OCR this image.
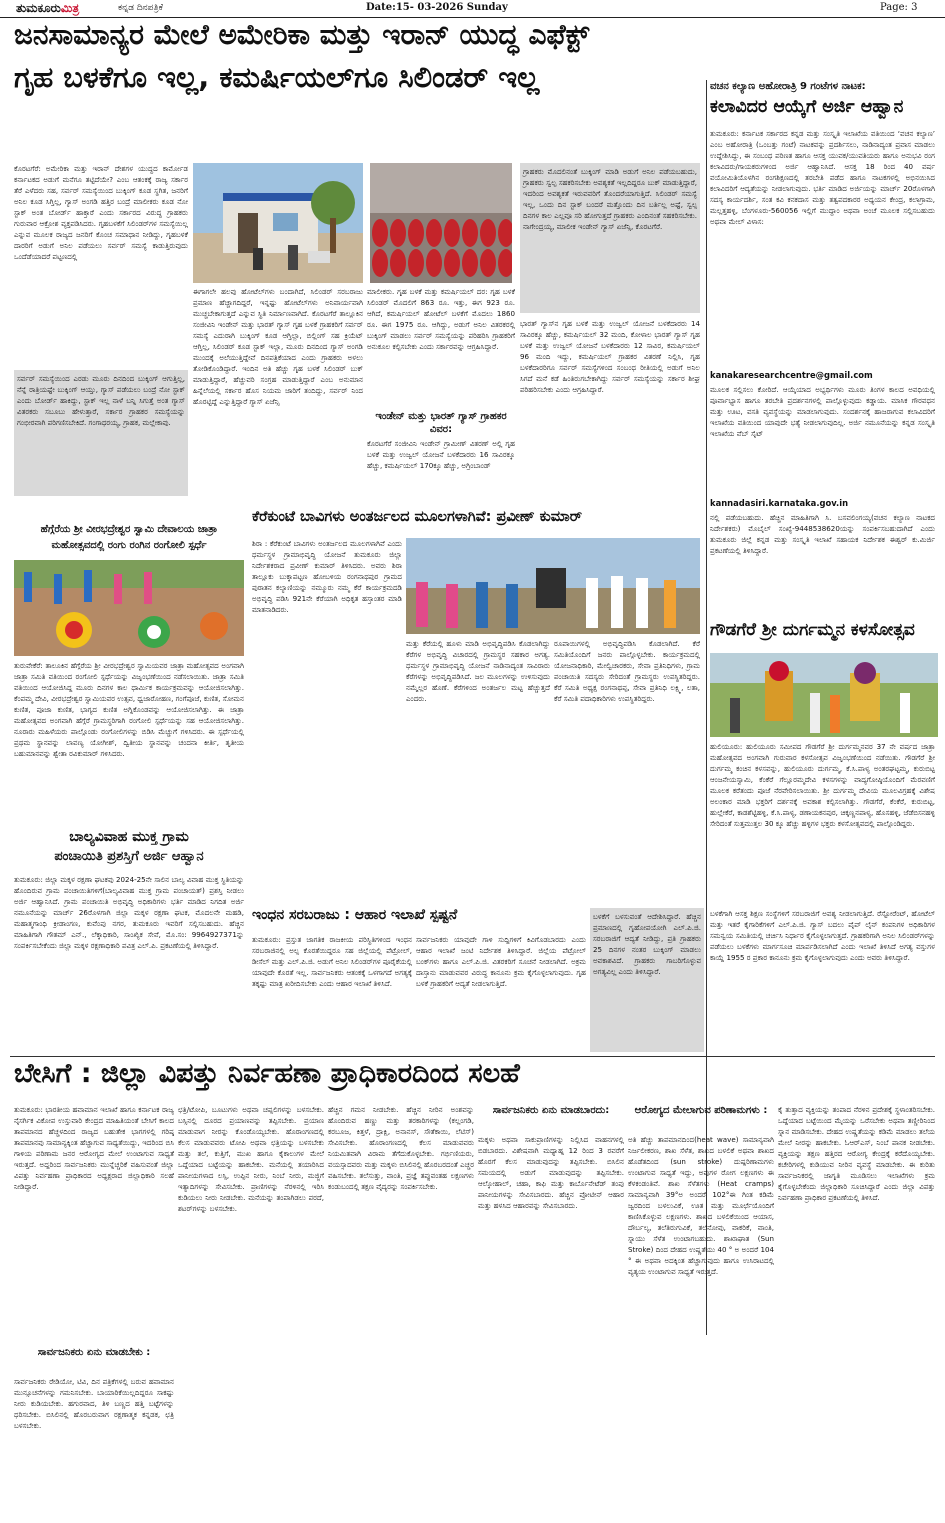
ತುಮಕೂರುಮಿತ್ರ	ಕನ್ನಡ ದಿನಪತ್ರಿಕೆ	Date:15- 03-2026 Sunday	Page: 3
ಜನಸಾಮಾನ್ಯರ ಮೇಲೆ ಅಮೇರಿಕಾ ಮತ್ತು ಇರಾನ್ ಯುದ್ಧ ಎಫೆಕ್ಟ್
ಗೃಹ ಬಳಕೆಗೂ ಇಲ್ಲ, ಕಮರ್ಷಿಯಲ್‌ಗೂ ಸಿಲಿಂಡರ್ ಇಲ್ಲ
ಕೊರಟಗೆರೆ: ಅಮೇರಿಕಾ ಮತ್ತು ಇರಾನ್ ದೇಶಗಳ ಯುದ್ಧದ ಕಾರ್ಮೋಡ ಕರ್ನಾಟಕದ ಅಡುಗೆ ಮನೆಗೂ ತಟ್ಟಿದೆಯೇ? ಎಂಬ ಆತಂಕಕ್ಕೆ ರಾಜ್ಯ ಸರ್ಕಾರ ತೆರೆ ಎಳೆದರು ಸಹ, ಸರ್ವರ್ ಸಮಸ್ಯೆಯಿಂದ ಬುಕ್ಕಿಂಗ್ ಕೂಡ ಸ್ಥಗಿತ, ಜನರಿಗೆ ಅನಿಲ ಕೂಡ ಸಿಗ್ತಿಲ್ಲ, ಗ್ಯಾಸ್ ಅಂಗಡಿ ಹತ್ತಿರ ಬಂದ್ರೆ ಮಾಲೀಕರು ಕೂಡ ನೋ ಸ್ಟಾಕ್ ಅಂತ ಬೋರ್ಡ್ ಹಾಕ್ತಾರೆ ಎಂದು ಸರ್ಕಾರದ ವಿರುದ್ಧ ಗ್ರಾಹಕರು ಗುರುವಾರ ಆಕ್ರೋಶ ವ್ಯಕ್ತಪಡಿಸಿದರು. ಗೃಹಬಳಕೆಗೆ ಸಿಲಿಂಡರ್‌ಗಳ ಸಮಸ್ಯೆಯಿಲ್ಲ ಎನ್ನುವ ಮೂಲಕ ರಾಜ್ಯದ ಜನರಿಗೆ ಕೊಂಚ ಸಮಾಧಾನ ನೀಡಿದ್ದು, ಗೃಹಬಳಕೆ ದಾರರಿಗೆ ಅಡುಗೆ ಅನಿಲ ಪಡೆಯಲು ಸರ್ವರ್ ಸಮಸ್ಯೆ ಕಾಡುತ್ತಿರುವುದು ಒಂದೆಡೆಯಾದರೆ ಪಟ್ಟಣದಲ್ಲಿ
ಸರ್ವರ್ ಸಮಸ್ಯೆಯಿಂದ ಎರಡು ಮೂರು ದಿನದಿಂದ ಬುಕ್ಕಿಂಗ್ ಆಗುತ್ತಿಲ್ಲ, ನೆನ್ನೆ ರಾತ್ರಿಯಷ್ಟೇ ಬುಕ್ಕಿಂಗ್ ಆಯ್ತು, ಗ್ಯಾಸ್ ಪಡೆಯಲು ಬಂದ್ರೆ ನೋ ಸ್ಟಾಕ್ ಎಂದು ಬೋರ್ಡ್ ಹಾಕಿದ್ದು, ಸ್ಟಾಕ್ ಇಲ್ಲ ನಾಳೆ ಬನ್ನಿ ಸಿಗುತ್ತೆ ಅಂತ ಗ್ಯಾಸ್ ವಿತರಕರು ಸಬೂಬು ಹೇಳುತ್ತಾರೆ, ಸರ್ಕಾರ ಗ್ರಾಹಕರ ಸಮಸ್ಯೆಯನ್ನು ಗಂಭೀರವಾಗಿ ಪರಿಗಣಿಸಬೇಕಿದೆ. ಗಂಗಾಧರಯ್ಯ, ಗ್ರಾಹಕ, ಮಲ್ಲೇಕಾವು.
ಈಗಾಗಲೇ ಹಲವು ಹೋಟೆಲ್‌ಗಳು ಬಂದಾಗಿದೆ, ಸಿಲಿಂಡರ್ ಸರಬರಾಜು ಪ್ರಮಾಣ ಹೆಚ್ಚಾಗದಿದ್ದರೆ, ಇನ್ನಷ್ಟು ಹೋಟೆಲ್‌ಗಳು ಅನಿವಾರ್ಯವಾಗಿ ಮುಚ್ಚಬೇಕಾಗುತ್ತದೆ ಎನ್ನುವ ಸ್ಥಿತಿ ನಿರ್ಮಾಣವಾಗಿದೆ. ಕೊರಟಗೆರೆ ತಾಲ್ಲೂಕಿನ ಸಂಜೀವಿನಿ ಇಂಡೇನ್ ಮತ್ತು ಭಾರತ್ ಗ್ಯಾಸ್ ಗೃಹ ಬಳಕೆ ಗ್ರಾಹಕರಿಗೆ ಸರ್ವರ್ ಸಮಸ್ಯೆ ಎದುರಾಗಿ ಬುಕ್ಕಿಂಗ್ ಕೂಡ ಆಗ್ತಿಲ್ಲಾ, ಬಿಲ್ಲಿಂಗ್ ಸಹ ಕ್ರಿಯೆಟ್ ಆಗ್ತಿಲ್ಲ, ಸಿಲಿಂಡರ್ ಕೂಡ ಸ್ಟಾಕ್ ಇಲ್ಲಾ, ಮೂರು ದಿನದಿಂದ ಗ್ಯಾಸ್ ಅಂಗಡಿ ಮುಂದಕ್ಕೆ ಅಲೆಯುತ್ತಿದ್ದೇವೆ ದಿನಪತ್ರಿಕೆಯಾದ ಎಂದು ಗ್ರಾಹಕರು ಅಳಲು ತೋಡಿಕೊಂಡಿದ್ದಾರೆ. ಇಂದಿನ ಅತಿ ಹೆಚ್ಚು ಗೃಹ ಬಳಕೆ ಸಿಲಿಂಡರ್ ಬುಕ್ ಮಾಡುತ್ತಿದ್ದಾರೆ, ಹೆಚ್ಚುವರಿ ಸಂಗ್ರಹ ಮಾಡುತ್ತಿದ್ದಾರೆ ಎಂಬ ಅನುಮಾನ ಹಿನ್ನೆಲೆಯಲ್ಲಿ ಸರ್ಕಾರ ಹೊಸ ನಿಯಮ ಜಾರಿಗೆ ತಂದಿದ್ದು, ಸರ್ವರ್ ನಿಂದ ಹೊರಟ್ಟಿದ್ದೆ ಎನ್ನುತ್ತಿದ್ದಾರೆ ಗ್ಯಾಸ್ ಏಜೆನ್ಸಿ
ಮಾಲೀಕರು. ಗೃಹ ಬಳಕೆ ಮತ್ತು ಕಮರ್ಷಿಯಲ್ ದರ: ಗೃಹ ಬಳಕೆ ಸಿಲಿಂಡರ್ ಮೊದಲಿಗೆ 863 ರೂ. ಇತ್ತು, ಈಗ 923 ರೂ. ಆಗಿದೆ, ಕಮರ್ಷಿಯಲ್ ಹೋಟೆಲ್ ಬಳಕೆಗೆ ಮೊದಲು 1860 ರೂ. ಈಗ 1975 ರೂ. ಆಗಿದ್ದು, ಅಡುಗೆ ಅನಿಲ ವಿತರಕರಲ್ಲಿ ಬುಕ್ಕಿಂಗ್ ಮಾಡಲು ಸರ್ವರ್ ಸಮಸ್ಯೆಯನ್ನು ಪರಿಹರಿಸಿ ಗ್ರಾಹಕರಿಗೆ ಅನುಕೂಲ ಕಲ್ಪಿಸಬೇಕು ಎಂದು ಸರ್ಕಾರವನ್ನು ಆಗ್ರಹಿಸಿದ್ದಾರೆ.
ಇಂಡೇನ್ ಮತ್ತು ಭಾರತ್ ಗ್ಯಾಸ್ ಗ್ರಾಹಕರ ವಿವರ:
ಕೊರಟಗೆರೆ ಸಂಜೀವಿನಿ ಇಂಡೇನ್ ಗ್ರಾಮೀಣ್ ವಿತರಣ್ ಅಲ್ಲಿ ಗೃಹ ಬಳಕೆ ಮತ್ತು ಉಜ್ವಲ್ ಯೋಜನೆ ಬಳಕೆದಾರರು 16 ಸಾವಿರಕ್ಕೂ ಹೆಚ್ಚು, ಕಮರ್ಷಿಯಲ್ 170ಕ್ಕೂ ಹೆಚ್ಚು, ಅಗ್ರಿಂಬಾಂಡ್
ಗ್ರಾಹಕರು ಮೊದಲಿನಂತೆ ಬುಕ್ಕಿಂಗ್ ಮಾಡಿ ಅಡುಗೆ ಅನಿಲ ಪಡೆಯಬಹುದು, ಗ್ರಾಹಕರು ಸ್ವಲ್ಪ ಸಹಕರಿಸಬೇಕು ಅವಶ್ಯಕತೆ ಇಲ್ಲದಿದ್ದರೂ ಬುಕ್ ಮಾಡುತ್ತಿದ್ದಾರೆ, ಇದರಿಂದ ಅವಶ್ಯಕತೆ ಇರುವವರಿಗೆ ತೊಂದರೆಯಾಗುತ್ತಿದೆ. ಸಿಲಿಂಡರ್ ಸಮಸ್ಯೆ ಇಲ್ಲ, ಒಂದು ದಿನ ಸ್ಟಾಕ್ ಬಂದರೆ ಮತ್ತೊಂದು ದಿನ ಬರ್ತಿಲ್ಲ ಅಷ್ಟೆ, ಸ್ವಲ್ಪ ದಿನಗಳ ಕಾಲ ಎಲ್ಲವೂ ಸರಿ ಹೋಗುತ್ತದೆ ಗ್ರಾಹಕರು ಎಂದಿನಂತೆ ಸಹಕರಿಸಬೇಕು. ನಾಗೇಂದ್ರಯ್ಯ, ಮಾಲೀಕ ಇಂಡೇನ್ ಗ್ಯಾಸ್ ಏಜೆನ್ಸಿ, ಕೊರಟಗೆರೆ.
ಭಾರತ್ ಗ್ಯಾಸ್‌ನ ಗೃಹ ಬಳಕೆ ಮತ್ತು ಉಜ್ವಲ್ ಯೋಜನೆ ಬಳಕೆದಾರರು 14 ಸಾವಿರಕ್ಕೂ ಹೆಚ್ಚು, ಕಮರ್ಷಿಯಲ್ 32 ಮಂದಿ, ಕೋಳಾಲ ಭಾರತ್ ಗ್ಯಾಸ್ ಗೃಹ ಬಳಕೆ ಮತ್ತು ಉಜ್ವಲ್ ಯೋಜನೆ ಬಳಕೆದಾರರು 12 ಸಾವಿರ, ಕಮರ್ಷಿಯಲ್ 96 ಮಂದಿ ಇದ್ದು, ಕಮರ್ಷಿಯಲ್ ಗ್ರಾಹಕರ ವಿತರಣೆ ನಿಲ್ಲಿಸಿ, ಗೃಹ ಬಳಕೆದಾರರಿಗೂ ಸರ್ವರ್ ಸಮಸ್ಯೆಗಳಿಂದ ಸಂಬಂಧ ರೀತಿಯಲ್ಲಿ ಅಡುಗೆ ಅನಿಲ ಸಿಗದೆ ಮನೆ ಕಡೆ ಹಿಂತಿರುಗಬೇಕಾಗಿದ್ದು ಸರ್ವರ್ ಸಮಸ್ಯೆಯನ್ನು ಸರ್ಕಾರ ಶೀಘ್ರ ಪರಿಹರಿಸಬೇಕು ಎಂದು ಆಗ್ರಹಿಸಿದ್ದಾರೆ.
ವಚನ ಕಲ್ಯಾಣ ಅಹೋರಾತ್ರಿ 9 ಗಂಟೆಗಳ ನಾಟಕ:
ಕಲಾವಿದರ ಆಯ್ಕೆಗೆ ಅರ್ಜಿ ಆಹ್ವಾನ
ತುಮಕೂರು: ಕರ್ನಾಟಕ ಸರ್ಕಾರದ ಕನ್ನಡ ಮತ್ತು ಸಂಸ್ಕೃತಿ ಇಲಾಖೆಯ ವತಿಯಿಂದ ‘ವಚನ ಕಲ್ಯಾಣ’ ಎಂಬ ಅಹೋರಾತ್ರಿ (ಒಂಬತ್ತು ಗಂಟೆ) ನಾಟಕವನ್ನು ಪ್ರದರ್ಶಿಸಲು, ನಾಡಿನಾದ್ಯಂತ ಪ್ರವಾಸ ಮಾಡಲು ಉದ್ದೇಶಿಸಿದ್ದು, ಈ ಸಂಬಂಧ ಪರಿಣತ ಹಾಗೂ ಆಸಕ್ತ ಯುವಕ/ಯುವತಿಯರು ಹಾಗೂ ಅನುಭವಿ ರಂಗ ಕಲಾವಿದರು/ಗಾಯಕರುಗಳಿಂದ ಅರ್ಜಿ ಆಹ್ವಾನಿಸಿದೆ. ಆಸಕ್ತ 18 ರಿಂದ 40 ವರ್ಷ ವಯೋಮಿತಿಯೊಳಗಿನ ರಂಗಶಿಕ್ಷಣದಲ್ಲಿ ತರಬೇತಿ ಪಡೆದ ಹಾಗೂ ನಾಟಕಗಳಲ್ಲಿ ಅಭಿನಯಿಸಿದ ಕಲಾವಿದರಿಗೆ ಆದ್ಯತೆಯನ್ನು ನೀಡಲಾಗುವುದು. ಭರ್ತಿ ಮಾಡಿದ ಅರ್ಜಿಯನ್ನು ಮಾರ್ಚ್ 20ರೊಳಗಾಗಿ ಸದಸ್ಯ ಕಾರ್ಯದರ್ಶಿ, ಸಂತ ಕವಿ ಕನಕದಾಸ ಮತ್ತು ತತ್ವಪದಕಾರರ ಅಧ್ಯಯನ ಕೇಂದ್ರ, ಕಲಾಗ್ರಾಮ, ಮಲ್ಲತ್ತಹಳ್ಳಿ, ಬೆಂಗಳೂರು-560056 ಇಲ್ಲಿಗೆ ಮುದ್ದಾಂ ಅಥವಾ ಅಂಚೆ ಮೂಲಕ ಸಲ್ಲಿಸಬಹುದು ಅಥವಾ ಮೇಲ್ ವಿಳಾಸ:
kanakaresearchcentre@gmail.com
ಮೂಲಕ ಸಲ್ಲಿಸಲು ಕೋರಿದೆ. ಆಯ್ಕೆಯಾದ ಅಭ್ಯರ್ಥಿಗಳು ಮೂರು ತಿಂಗಳ ಕಾಲದ ಅವಧಿಯಲ್ಲಿ ಪೂರ್ವಾಭ್ಯಾಸ ಹಾಗೂ ತರಬೇತಿ ಪ್ರದರ್ಶನಗಳಲ್ಲಿ ಪಾಲ್ಗೊಳ್ಳುವುದು ಕಡ್ಡಾಯ. ಮಾಸಿಕ ಗೌರವಧನ ಮತ್ತು ಊಟ, ವಸತಿ ವ್ಯವಸ್ಥೆಯನ್ನು ಮಾಡಲಾಗುವುದು. ಸಂದರ್ಶನಕ್ಕೆ ಹಾಜರಾಗುವ ಕಲಾವಿದರಿಗೆ ಇಲಾಖೆಯ ವತಿಯಿಂದ ಯಾವುದೇ ಭತ್ಯೆ ನೀಡಲಾಗುವುದಿಲ್ಲ. ಅರ್ಜಿ ನಮೂನೆಯನ್ನು ಕನ್ನಡ ಸಂಸ್ಕೃತಿ ಇಲಾಖೆಯ ವೆಬ್ ಸೈಟ್
kannadasiri.karnataka.gov.in
ನಲ್ಲಿ ಪಡೆಯಬಹುದು. ಹೆಚ್ಚಿನ ಮಾಹಿತಿಗಾಗಿ ಸಿ. ಬಸವಲಿಂಗಯ್ಯ(ವಚನ ಕಲ್ಯಾಣ ನಾಟಕದ ನಿರ್ದೇಶಕರು) ಮೊಬೈಲ್ ಸಂಖ್ಯೆ-9448538620ಯನ್ನು ಸಂಪರ್ಕಿಸಬಹುದಾಗಿದೆ ಎಂದು ತುಮಕೂರು ಜಿಲ್ಲೆ ಕನ್ನಡ ಮತ್ತು ಸಂಸ್ಕೃತಿ ಇಲಾಖೆ ಸಹಾಯಕ ನಿರ್ದೇಶಕ ಈಶ್ವರ್ ಕು.ಮಿರ್ಜಿ ಪ್ರಕಟಣೆಯಲ್ಲಿ ತಿಳಿಸಿದ್ದಾರೆ.
ಗೌಡಗೆರೆ ಶ್ರೀ ದುರ್ಗಮ್ಮನ ಕಳಸೋತ್ಸವ
ಹುಲಿಯೂರು: ಹುಲಿಯೂರು ಸಮೀಪದ ಗೌಡಗೆರೆ ಶ್ರೀ ದುರ್ಗಮ್ಮನವರ 37 ನೇ ವರ್ಷದ ಜಾತ್ರಾ ಮಹೋತ್ಸವದ ಅಂಗವಾಗಿ ಗುರುವಾರ ಕಳಸೋತ್ಸವ ವಿಜೃಂಭಣೆಯಿಂದ ನಡೆಯಿತು. ಗೌಡಗೆರೆ ಶ್ರೀ ದುರ್ಗಮ್ಮ ಕಂಚಿನ ಕಳಸವನ್ನು, ಹುಲಿಯೂರು ದುರ್ಗಮ್ಮ, ಕೆ.ಸಿ.ಪಾಳ್ಯ ಅಂತರಘಟ್ಟಮ್ಮ, ಕುರುಬಿಟ್ಟ ಆಂಜನೇಯಸ್ವಾಮಿ, ಕೆಂಕೆರೆ ಗೆಲ್ಲೂರಮ್ಮದೇವಿ ಕಳಸಗಳನ್ನು ವಾದ್ಯಗೋಷ್ಠಿಯೊಂದಿಗೆ ಮೆರವಣಿಗೆ ಮೂಲಕ ಕರೆತಂದು ಪೂಜೆ ನೆರವೇರಿಸಲಾಯಿತು. ಶ್ರೀ ದುರ್ಗಮ್ಮ ದೇವಿಯ ಮೂಲವಿಗ್ರಹಕ್ಕೆ ವಿಶೇಷ ಅಲಂಕಾರ ಮಾಡಿ ಭಕ್ತರಿಗೆ ದರ್ಶನಕ್ಕೆ ಅವಕಾಶ ಕಲ್ಪಿಸಲಾಗಿತ್ತು. ಗೌಡಗೆರೆ, ಕೆಂಕೆರೆ, ಕುರುಬಿಟ್ಟ, ಹುಲ್ಲೇಕೆರೆ, ಕಾಡಶೆಟ್ಟಿಹಳ್ಳಿ, ಕೆ.ಸಿ.ಪಾಳ್ಯ, ಡಣಾಯಕನಪುರ, ಚಿಕ್ಕಣ್ಣನಪಾಳ್ಯ, ಹೊಸಹಳ್ಳಿ, ಜೆಡೆಬಿಸನಹಳ್ಳಿ ಸೇರಿದಂತೆ ಸುತ್ತಮುತ್ತಲ 30 ಕ್ಕೂ ಹೆಚ್ಚು ಹಳ್ಳಿಗಳ ಭಕ್ತರು ಕಳಸೋತ್ಸವದಲ್ಲಿ ಪಾಲ್ಗೊಂಡಿದ್ದರು.
ಬಳಕೆಗಾಗಿ ಆಸಕ್ತ ಶಿಕ್ಷಣ ಸಂಸ್ಥೆಗಳಿಗೆ ಸರಬರಾಜಿಗೆ ಅವಶ್ಯ ನೀಡಲಾಗುತ್ತಿದೆ. ರೆಸ್ಟೋರೆಂಟ್, ಹೋಟೆಲ್ ಮತ್ತು ಇತರೆ ಕೈಗಾರಿಕೆಗಳಿಗೆ ಎಲ್.ಪಿ.ಜಿ. ಗ್ಯಾಸ್ ಬದಲು ಪೈಪ್ ಲೈನ್ ಕಂಪನಿಗಳ ಅಧಿಕಾರಿಗಳ ಸಮನ್ವಯ ಸಮಿತಿಯಲ್ಲಿ ಚರ್ಚಿಸಿ ನಿರ್ಧಾರ ಕೈಗೊಳ್ಳಲಾಗುತ್ತದೆ. ಗ್ರಾಹಕರಿಗಾಗಿ ಅನಿಲ ಸಿಲಿಂಡರ್‌ಗಳನ್ನು ಪಡೆಯಲು ಬಳಕೆಗಳು ಮಾರ್ಗಸೂಚಿ ಮಾರ್ಪಡಿಸಲಾಗಿದೆ ಎಂದು ಇಲಾಖೆ ತಿಳಿಸಿದೆ ಅಗತ್ಯ ವಸ್ತುಗಳ ಕಾಯ್ದೆ 1955 ರ ಪ್ರಕಾರ ಕಾನೂನು ಕ್ರಮ ಕೈಗೊಳ್ಳಲಾಗುವುದು ಎಂದು ಅವರು ತಿಳಿಸಿದ್ದಾರೆ.
ಹೆಗ್ಗೆರೆಯ ಶ್ರೀ ವೀರಭದ್ರೇಶ್ವರ ಸ್ವಾಮಿ ದೇವಾಲಯ ಜಾತ್ರಾ ಮಹೋತ್ಸವದಲ್ಲಿ ರಂಗು ರಂಗಿನ ರಂಗೋಲಿ ಸ್ಪರ್ಧೆ
ತುರುವೇಕೆರೆ: ತಾಲೂಕಿನ ಹೆಗ್ಗೆರೆಯ ಶ್ರೀ ವೀರಭದ್ರೇಶ್ವರ ಸ್ವಾಮಿಯವರ ಜಾತ್ರಾ ಮಹೋತ್ಸವದ ಅಂಗವಾಗಿ ಜಾತ್ರಾ ಸಮಿತಿ ವತಿಯಿಂದ ರಂಗೋಲಿ ಸ್ಪರ್ಧೆಯನ್ನು ವಿಜೃಂಭಣೆಯಿಂದ ನಡೆಸಲಾಯಿತು. ಜಾತ್ರಾ ಸಮಿತಿ ವತಿಯಿಂದ ಆಯೋಜಿಸಿದ್ದ ಮೂರು ದಿನಗಳ ಕಾಲ ಧಾರ್ಮಿಕ ಕಾರ್ಯಕ್ರಮವನ್ನು ಆಯೋಜಿಸಲಾಗಿತ್ತು. ಕೆಂಪಮ್ಮ ದೇವಿ, ವೀರಭದ್ರೇಶ್ವರ ಸ್ವಾಮಿಯವರ ಉತ್ಸವ, ಧ್ವಜಾರೋಹಣ, ಗಂಗೆಪೂಜೆ, ಕುಣಿತ, ಸೋಮನ ಕುಣಿತ, ಪೂಜಾ ಕುಣಿತ, ಭಾಗ್ಯದ ಕುಣಿತ ಅಗ್ನಿಕೊಂಡವನ್ನು ಆಯೋಜಿಸಲಾಗಿತ್ತು. ಈ ಜಾತ್ರಾ ಮಹೋತ್ಸವದ ಅಂಗವಾಗಿ ಹೆಗ್ಗೆರೆ ಗ್ರಾಮಸ್ಥರಿಗಾಗಿ ರಂಗೋಲಿ ಸ್ಪರ್ಧೆಯನ್ನು ಸಹ ಆಯೋಜಿಸಲಾಗಿತ್ತು. ನೂರಾರು ಮಹಿಳೆಯರು ಪಾಲ್ಗೊಂಡು ರಂಗೋಲಿಗಳನ್ನು ಬಿಡಿಸಿ ಮೆಚ್ಚುಗೆ ಗಳಿಸಿದರು. ಈ ಸ್ಪರ್ಧೆಯಲ್ಲಿ ಪ್ರಥಮ ಸ್ಥಾನವನ್ನು ಲಾವಣ್ಯ ಯೋಗೀಶ್, ದ್ವಿತೀಯ ಸ್ಥಾನವನ್ನು ಚಂದನಾ ಕೀರ್ತಿ, ತೃತೀಯ ಬಹುಮಾನವನ್ನು ಶ್ವೇತಾ ರವಿಕುಮಾರ್ ಗಳಿಸಿದರು.
ಬಾಲ್ಯವಿವಾಹ ಮುಕ್ತ ಗ್ರಾಮ
ಪಂಚಾಯಿತಿ ಪ್ರಶಸ್ತಿಗೆ ಅರ್ಜಿ ಆಹ್ವಾನ
ತುಮಕೂರು: ಜಿಲ್ಲಾ ಮಕ್ಕಳ ರಕ್ಷಣಾ ಘಟಕವು 2024-25ನೇ ಸಾಲಿನ ಬಾಲ್ಯ ವಿವಾಹ ಮುಕ್ತ ಸ್ಥಿತಿಯನ್ನು ಹೊಂದಿರುವ ಗ್ರಾಮ ಪಂಚಾಯಿತಿಗಳಿಗೆ(ಬಾಲ್ಯವಿವಾಹ ಮುಕ್ತ ಗ್ರಾಮ ಪಂಚಾಯತ್) ಪ್ರಶಸ್ತಿ ನೀಡಲು ಅರ್ಜಿ ಆಹ್ವಾನಿಸಿದೆ. ಗ್ರಾಮ ಪಂಚಾಯಿತಿ ಅಭಿವೃದ್ಧಿ ಅಧಿಕಾರಿಗಳು ಭರ್ತಿ ಮಾಡಿದ ನಿಗದಿತ ಅರ್ಜಿ ನಮೂನೆಯನ್ನು ಮಾರ್ಚ್ 26ರೊಳಗಾಗಿ ಜಿಲ್ಲಾ ಮಕ್ಕಳ ರಕ್ಷಣಾ ಘಟಕ, ಮೊದಲನೇ ಮಹಡಿ, ಮಹಾತ್ಮಗಾಂಧಿ ಕ್ರೀಡಾಂಗಣ, ಕುವೆಂಪು ನಗರ, ತುಮಕೂರು ಇವರಿಗೆ ಸಲ್ಲಿಸಬಹುದು. ಹೆಚ್ಚಿನ ಮಾಹಿತಿಗಾಗಿ ಗೌತಮ್ ಎನ್., ಲೆಕ್ಕಾಧಿಕಾರಿ, ಸಾಂಖ್ಯಿಕ ಸೇವೆ, ಮೊ.ಸಂ: 9964927371ನ್ನು ಸಂಪರ್ಕಿಸಬೇಕೆಂದು ಜಿಲ್ಲಾ ಮಕ್ಕಳ ರಕ್ಷಣಾಧಿಕಾರಿ ಪವಿತ್ರ ಎಲ್.ಪಿ. ಪ್ರಕಟಣೆಯಲ್ಲಿ ತಿಳಿಸಿದ್ದಾರೆ.
ಕೆರೆಕುಂಟೆ ಬಾವಿಗಳು ಅಂತರ್ಜಲದ ಮೂಲಗಳಾಗಿವೆ: ಪ್ರವೀಣ್ ಕುಮಾರ್
ಶಿರಾ : ಕೆರೆಕುಂಟೆ ಬಾವಿಗಳು ಅಂತರ್ಜಲದ ಮೂಲಗಳಾಗಿವೆ ಎಂದು ಧರ್ಮಸ್ಥಳ ಗ್ರಾಮಾಭಿವೃದ್ಧಿ ಯೋಜನೆ ತುಮಕೂರು ಜಿಲ್ಲಾ ನಿರ್ದೇಶಕರಾದ ಪ್ರವೀಣ್ ಕುಮಾರ್ ತಿಳಿಸಿದರು. ಅವರು ಶಿರಾ ತಾಲ್ಲೂಕು ಬುಕ್ಕಾಪಟ್ಟಣ ಹೋಬಳಿಯ ರಂಗನಾಥಪುರ ಗ್ರಾಮದ ಪುರಾತನ ಕಲ್ಯಾಣಿಯನ್ನು ನಮ್ಮೂರು ನಮ್ಮ ಕೆರೆ ಕಾರ್ಯಕ್ರಮದಡಿ ಅಭಿವೃದ್ಧಿ ಪಡಿಸಿ 921ನೇ ಕೆರೆಯಾಗಿ ಅಧಿಕೃತ ಹಸ್ತಾಂತರ ಮಾಡಿ ಮಾತನಾಡಿದರು.
ಮತ್ತು ಕೆರೆಯಲ್ಲಿ ಹೂಳು ಮಾಡಿ ಅಭಿವೃದ್ಧಿಪಡಿಸಿ ಕೊಡಲಾಗಿದ್ದು ಕೆರೆಗಳ ಅಭಿವೃದ್ಧಿ ವಿಚಾರದಲ್ಲಿ ಗ್ರಾಮಸ್ಥರ ಸಹಕಾರ ಅಗತ್ಯ. ಧರ್ಮಸ್ಥಳ ಗ್ರಾಮಾಭಿವೃದ್ಧಿ ಯೋಜನೆ ನಾಡಿನಾದ್ಯಂತ ಸಾವಿರಾರು ಕೆರೆಗಳನ್ನು ಅಭಿವೃದ್ಧಿಪಡಿಸಿದೆ. ಜಲ ಮೂಲಗಳನ್ನು ಉಳಿಸುವುದು ನಮ್ಮೆಲ್ಲರ ಹೊಣೆ. ಕೆರೆಗಳಿಂದ ಅಂತರ್ಜಲ ಮಟ್ಟ ಹೆಚ್ಚುತ್ತದೆ ಎಂದರು.
ರೂಪಾಯಿಗಳಲ್ಲಿ ಅಭಿವೃದ್ಧಿಪಡಿಸಿ ಕೊಡಲಾಗಿದೆ. ಕೆರೆ ಸಮಿತಿಯೊಂದಿಗೆ ಜನರು ಪಾಲ್ಗೊಳ್ಳಬೇಕು. ಕಾರ್ಯಕ್ರಮದಲ್ಲಿ ಯೋಜನಾಧಿಕಾರಿ, ಮೇಲ್ವಿಚಾರಕರು, ಸೇವಾ ಪ್ರತಿನಿಧಿಗಳು, ಗ್ರಾಮ ಪಂಚಾಯಿತಿ ಸದಸ್ಯರು ಸೇರಿದಂತೆ ಗ್ರಾಮಸ್ಥರು ಉಪಸ್ಥಿತರಿದ್ದರು. ಕೆರೆ ಸಮಿತಿ ಅಧ್ಯಕ್ಷ ರಂಗನಾಥಪ್ಪ, ಸೇವಾ ಪ್ರತಿನಿಧಿ ಲಕ್ಷ್ಮಿ, ಲತಾ, ಕೆರೆ ಸಮಿತಿ ಪದಾಧಿಕಾರಿಗಳು ಉಪಸ್ಥಿತರಿದ್ದರು.
ಇಂಧನ ಸರಬರಾಜು : ಆಹಾರ ಇಲಾಖೆ ಸ್ಪಷ್ಟನೆ
ತುಮಕೂರು: ಪ್ರಸ್ತುತ ಜಾಗತಿಕ ರಾಜಕೀಯ ಪರಿಸ್ಥಿತಿಗಳಿಂದ ಇಂಧನ ಸರಬರಾಜಿನಲ್ಲಿ ಅಲ್ಪ ಕೊರತೆಯಿದ್ದರೂ ಸಹ ಜಿಲ್ಲೆಯಲ್ಲಿ ಪೆಟ್ರೋಲ್, ಡೀಸೆಲ್ ಮತ್ತು ಎಲ್.ಪಿ.ಜಿ. ಅಡುಗೆ ಅನಿಲ ಸಿಲಿಂಡರ್‌ಗಳ ಪೂರೈಕೆಯಲ್ಲಿ ಯಾವುದೇ ಕೊರತೆ ಇಲ್ಲ. ಸಾರ್ವಜನಿಕರು ಆತಂಕಕ್ಕೆ ಒಳಗಾಗದೆ ಅಗತ್ಯಕ್ಕೆ ತಕ್ಕಷ್ಟು ಮಾತ್ರ ಖರೀದಿಸಬೇಕು ಎಂದು ಆಹಾರ ಇಲಾಖೆ ತಿಳಿಸಿದೆ.
ಸಾರ್ವಜನಿಕರು ಯಾವುದೇ ಗಾಳಿ ಸುದ್ದಿಗಳಿಗೆ ಕಿವಿಗೊಡಬಾರದು ಎಂದು ಆಹಾರ ಇಲಾಖೆ ಜಂಟಿ ನಿರ್ದೇಶಕ ತಿಳಿಸಿದ್ದಾರೆ. ಜಿಲ್ಲೆಯ ಪೆಟ್ರೋಲ್ ಬಂಕ್‌ಗಳು ಹಾಗೂ ಎಲ್.ಪಿ.ಜಿ. ವಿತರಕರಿಗೆ ಸೂಚನೆ ನೀಡಲಾಗಿದೆ. ಅಕ್ರಮ ದಾಸ್ತಾನು ಮಾಡುವವರ ವಿರುದ್ಧ ಕಾನೂನು ಕ್ರಮ ಕೈಗೊಳ್ಳಲಾಗುವುದು. ಗೃಹ ಬಳಕೆ ಗ್ರಾಹಕರಿಗೆ ಆದ್ಯತೆ ನೀಡಲಾಗುತ್ತಿದೆ.
ಬಳಕೆಗೆ ಬಳಸುವಂತೆ ಆದೇಶಿಸಿದ್ದಾರೆ. ಹೆಚ್ಚಿನ ಪ್ರಮಾಣದಲ್ಲಿ ಗೃಹೋಪಯೋಗಿ ಎಲ್.ಪಿ.ಜಿ. ಸರಬರಾಜಿಗೆ ಆದ್ಯತೆ ನೀಡಿದ್ದು, ಪ್ರತಿ ಗ್ರಾಹಕರು 25 ದಿನಗಳ ನಂತರ ಬುಕ್ಕಿಂಗ್ ಮಾಡಲು ಅವಕಾಶವಿದೆ. ಗ್ರಾಹಕರು ಗಾಬರಿಗೊಳ್ಳುವ ಅಗತ್ಯವಿಲ್ಲ ಎಂದು ತಿಳಿಸಿದ್ದಾರೆ.
ಬೇಸಿಗೆ : ಜಿಲ್ಲಾ ವಿಪತ್ತು ನಿರ್ವಹಣಾ ಪ್ರಾಧಿಕಾರದಿಂದ ಸಲಹೆ
ತುಮಕೂರು: ಭಾರತೀಯ ಹವಾಮಾನ ಇಲಾಖೆ ಹಾಗೂ ಕರ್ನಾಟಕ ರಾಜ್ಯ ನೈಸರ್ಗಿಕ ವಿಕೋಪ ಉಸ್ತುವಾರಿ ಕೇಂದ್ರದ ಮಾಹಿತಿಯಂತೆ ಬೇಸಿಗೆ ಕಾಲದ ತಾಪಮಾನದ ಹೆಚ್ಚಳದಿಂದ ರಾಜ್ಯದ ಬಹುತೇಕ ಭಾಗಗಳಲ್ಲಿ ಗರಿಷ್ಠ ತಾಪಮಾನವು ಸಾಮಾನ್ಯಕ್ಕಿಂತ ಹೆಚ್ಚಾಗುವ ಸಾಧ್ಯತೆಯಿದ್ದು, ಇದರಿಂದ ಬಿಸಿ ಗಾಳಿಯ ಪರಿಣಾಮ ಜನರ ಆರೋಗ್ಯದ ಮೇಲೆ ಉಂಟಾಗುವ ಸಾಧ್ಯತೆ ಇರುತ್ತದೆ. ಅದ್ದರಿಂದ ಸಾರ್ವಜನಿಕರು ಮುನ್ನೆಚ್ಚರಿಕೆ ವಹಿಸುವಂತೆ ಜಿಲ್ಲಾ ವಿಪತ್ತು ನಿರ್ವಹಣಾ ಪ್ರಾಧಿಕಾರದ ಅಧ್ಯಕ್ಷರಾದ ಜಿಲ್ಲಾಧಿಕಾರಿ ಸಲಹೆ ನೀಡಿದ್ದಾರೆ.
ಸಾರ್ವಜನಿಕರು ಏನು ಮಾಡಬೇಕು :
ಸಾರ್ವಜನಿಕರು ರೇಡಿಯೋ, ಟಿವಿ, ದಿನ ಪತ್ರಿಕೆಗಳಲ್ಲಿ ಬರುವ ಹವಾಮಾನ ಮುನ್ಸೂಚನೆಗಳನ್ನು ಗಮನಿಸಬೇಕು. ಬಾಯಾರಿಕೆಯಿಲ್ಲದಿದ್ದರೂ ಸಾಕಷ್ಟು ನೀರು ಕುಡಿಯಬೇಕು. ಹಗುರವಾದ, ತಿಳಿ ಬಣ್ಣದ ಹತ್ತಿ ಬಟ್ಟೆಗಳನ್ನು ಧರಿಸಬೇಕು. ಬಿಸಿಲಿನಲ್ಲಿ ಹೊರಬರುವಾಗ ರಕ್ಷಣಾತ್ಮಕ ಕನ್ನಡಕ, ಛತ್ರಿ ಬಳಸಬೇಕು.
ಛತ್ರಿ/ಟೋಪಿ, ಬೂಟುಗಳು ಅಥವಾ ಚಪ್ಪಲಿಗಳನ್ನು ಬಳಸಬೇಕು. ಬಸ್ಸಿನಲ್ಲಿ ದೂರದ ಪ್ರಯಾಣವನ್ನು ತಪ್ಪಿಸಬೇಕು. ಪ್ರಯಾಣ ಮಾಡುವಾಗ ನೀರನ್ನು ಕೊಂಡೊಯ್ಯಬೇಕು. ಹೊರಾಂಗಣದಲ್ಲಿ ಕೆಲಸ ಮಾಡುವವರು ಟೋಪಿ ಅಥವಾ ಛತ್ರಿಯನ್ನು ಬಳಸಬೇಕು ಮತ್ತು ತಲೆ, ಕುತ್ತಿಗೆ, ಮುಖ ಹಾಗೂ ಕೈಕಾಲುಗಳ ಮೇಲೆ ಒದ್ದೆಯಾದ ಬಟ್ಟೆಯನ್ನು ಹಾಕಬೇಕು. ಮನೆಯಲ್ಲಿ ತಯಾರಿಸಿದ ಪಾನೀಯಗಳಾದ ಲಸ್ಸಿ, ಉಪ್ಪಿನ ನೀರು, ನಿಂಬೆ ನೀರು, ಮಜ್ಜಿಗೆ ಇತ್ಯಾದಿಗಳನ್ನು ಸೇವಿಸಬೇಕು. ಪ್ರಾಣಿಗಳನ್ನು ನೆರಳಿನಲ್ಲಿ ಇರಿಸಿ ಕುಡಿಯಲು ನೀರು ನೀಡಬೇಕು. ಮನೆಯನ್ನು ತಂಪಾಗಿಡಲು ಪರದೆ, ಶಟರ್‌ಗಳನ್ನು ಬಳಸಬೇಕು.
ಹೆಚ್ಚಿನ ಗಮನ ನೀಡಬೇಕು. ಹೆಚ್ಚಿನ ನೀರಿನ ಅಂಶವನ್ನು ಹೊಂದಿರುವ ಹಣ್ಣು ಮತ್ತು ತರಕಾರಿಗಳನ್ನು (ಕಲ್ಲಂಗಡಿ, ಕರಬೂಜ, ಕಿತ್ತಳೆ, ದ್ರಾಕ್ಷಿ, ಅನಾನಸ್, ಸೌತೆಕಾಯಿ, ಲೆಟಿಸ್) ಸೇವಿಸಬೇಕು. ಹೊರಾಂಗಣದಲ್ಲಿ ಕೆಲಸ ಮಾಡುವವರು ನಿಯಮಿತವಾಗಿ ವಿರಾಮ ತೆಗೆದುಕೊಳ್ಳಬೇಕು. ಗರ್ಭಿಣಿಯರು, ವಯಸ್ಸಾದವರು ಮತ್ತು ಮಕ್ಕಳು ಬಿಸಿಲಿನಲ್ಲಿ ಹೊರಬರದಂತೆ ಎಚ್ಚರ ವಹಿಸಬೇಕು. ತಲೆಸುತ್ತು, ವಾಂತಿ, ಪ್ರಜ್ಞೆ ತಪ್ಪುವಂತಹ ಲಕ್ಷಣಗಳು ಕಂಡುಬಂದಲ್ಲಿ ತಕ್ಷಣ ವೈದ್ಯರನ್ನು ಸಂಪರ್ಕಿಸಬೇಕು.
ಸಾರ್ವಜನಿಕರು ಏನು ಮಾಡಬಾರದು:
ಮಕ್ಕಳು ಅಥವಾ ಸಾಕುಪ್ರಾಣಿಗಳನ್ನು ನಿಲ್ಲಿಸಿದ ವಾಹನಗಳಲ್ಲಿ ಬಿಡಬಾರದು. ವಿಶೇಷವಾಗಿ ಮಧ್ಯಾಹ್ನ 12 ರಿಂದ 3 ರವರೆಗೆ ಹೊರಗೆ ಕೆಲಸ ಮಾಡುವುದನ್ನು ತಪ್ಪಿಸಬೇಕು. ಬಿಸಿಲಿನ ಸಮಯದಲ್ಲಿ ಅಡುಗೆ ಮಾಡುವುದನ್ನು ತಪ್ಪಿಸಬೇಕು. ಆಲ್ಕೋಹಾಲ್, ಚಹಾ, ಕಾಫಿ ಮತ್ತು ಕಾರ್ಬೊನೇಟೆಡ್ ತಂಪು ಪಾನೀಯಗಳನ್ನು ಸೇವಿಸಬಾರದು. ಹೆಚ್ಚಿನ ಪ್ರೋಟೀನ್ ಆಹಾರ ಮತ್ತು ಹಳಸಿದ ಆಹಾರವನ್ನು ಸೇವಿಸಬಾರದು.
ಆರೋಗ್ಯದ ಮೇಲಾಗುವ ಪರಿಣಾಮಗಳು :
ಅತಿ ಹೆಚ್ಚು ತಾಪಮಾನದಿಂದ(heat wave) ಸಾಮಾನ್ಯವಾಗಿ ನಿರ್ಜಲೀಕರಣ, ಶಾಖ ಸೆಳೆತ, ಶಾಖದ ಬಳಲಿಕೆ ಅಥವಾ ಶಾಖದ ಹೊಡೆತದಿಂದ (sun stroke) ದುಷ್ಪರಿಣಾಮಗಳು ಉಂಟಾಗುವ ಸಾಧ್ಯತೆ ಇದ್ದು, ಅವುಗಳ ರೋಗ ಲಕ್ಷಣಗಳು ಈ ಕೆಳಕಂಡಂತಿವೆ. ಶಾಖ ಸೆಳೆತಗಳು (Heat cramps) ಸಾಮಾನ್ಯವಾಗಿ 39°ಅ ಅಂದರೆ 102°ಈ ಗಿಂತ ಕಡಿಮೆ ಜ್ವರದಿಂದ ಬಳಲುವಿಕೆ, ಊತ ಮತ್ತು ಮೂರ್ಛೆಯೊಂದಿಗೆ ಕಾಣಿಸಿಕೊಳ್ಳುವ ಲಕ್ಷಣಗಳು. ಶಾಖದ ಬಳಲಿಕೆಯಿಂದ ಆಯಾಸ, ದೌರ್ಬಲ್ಯ, ತಲೆತಿರುಗುವಿಕೆ, ತಲೆನೋವು, ವಾಕರಿಕೆ, ವಾಂತಿ, ಸ್ನಾಯು ಸೆಳೆತ ಉಂಟಾಗಬಹುದು. ಶಾಖಾಘಾತ (Sun Stroke) ದಿಂದ ದೇಹದ ಉಷ್ಣತೆಯು 40 ° ಅ ಅಂದರೆ 104 ° ಈ ಅಥವಾ ಅದಕ್ಕಿಂತ ಹೆಚ್ಚಾಗುವುದು ಹಾಗೂ ಉಸಿರಾಟದಲ್ಲಿ ವ್ಯತ್ಯಯ ಉಂಟಾಗುವ ಸಾಧ್ಯತೆ ಇರುತ್ತದೆ.
ಕೈ ತುತ್ತಾದ ವ್ಯಕ್ತಿಯನ್ನು ತಂಪಾದ ನೆರಳಿನ ಪ್ರದೇಶಕ್ಕೆ ಸ್ಥಳಾಂತರಿಸಬೇಕು. ಒದ್ದೆಯಾದ ಬಟ್ಟೆಯಿಂದ ಮೈಯನ್ನು ಒರೆಸಬೇಕು ಅಥವಾ ತಣ್ಣೀರಿನಿಂದ ಸ್ನಾನ ಮಾಡಿಸಬೇಕು. ದೇಹದ ಉಷ್ಣತೆಯನ್ನು ಕಡಿಮೆ ಮಾಡಲು ತಲೆಯ ಮೇಲೆ ನೀರನ್ನು ಹಾಕಬೇಕು. ಓಆರ್‌ಎಸ್, ನಿಂಬೆ ಪಾನಕ ನೀಡಬೇಕು. ವ್ಯಕ್ತಿಯನ್ನು ತಕ್ಷಣ ಹತ್ತಿರದ ಆರೋಗ್ಯ ಕೇಂದ್ರಕ್ಕೆ ಕರೆದೊಯ್ಯಬೇಕು. ಕಚೇರಿಗಳಲ್ಲಿ ಕುಡಿಯುವ ನೀರಿನ ವ್ಯವಸ್ಥೆ ಮಾಡಬೇಕು. ಈ ಕುರಿತು ಸಾರ್ವಜನಿಕರಲ್ಲಿ ಜಾಗೃತಿ ಮೂಡಿಸಲು ಇಲಾಖೆಗಳು ಕ್ರಮ ಕೈಗೊಳ್ಳಬೇಕೆಂದು ಜಿಲ್ಲಾಧಿಕಾರಿ ಸೂಚಿಸಿದ್ದಾರೆ ಎಂದು ಜಿಲ್ಲಾ ವಿಪತ್ತು ನಿರ್ವಹಣಾ ಪ್ರಾಧಿಕಾರ ಪ್ರಕಟಣೆಯಲ್ಲಿ ತಿಳಿಸಿದೆ.
